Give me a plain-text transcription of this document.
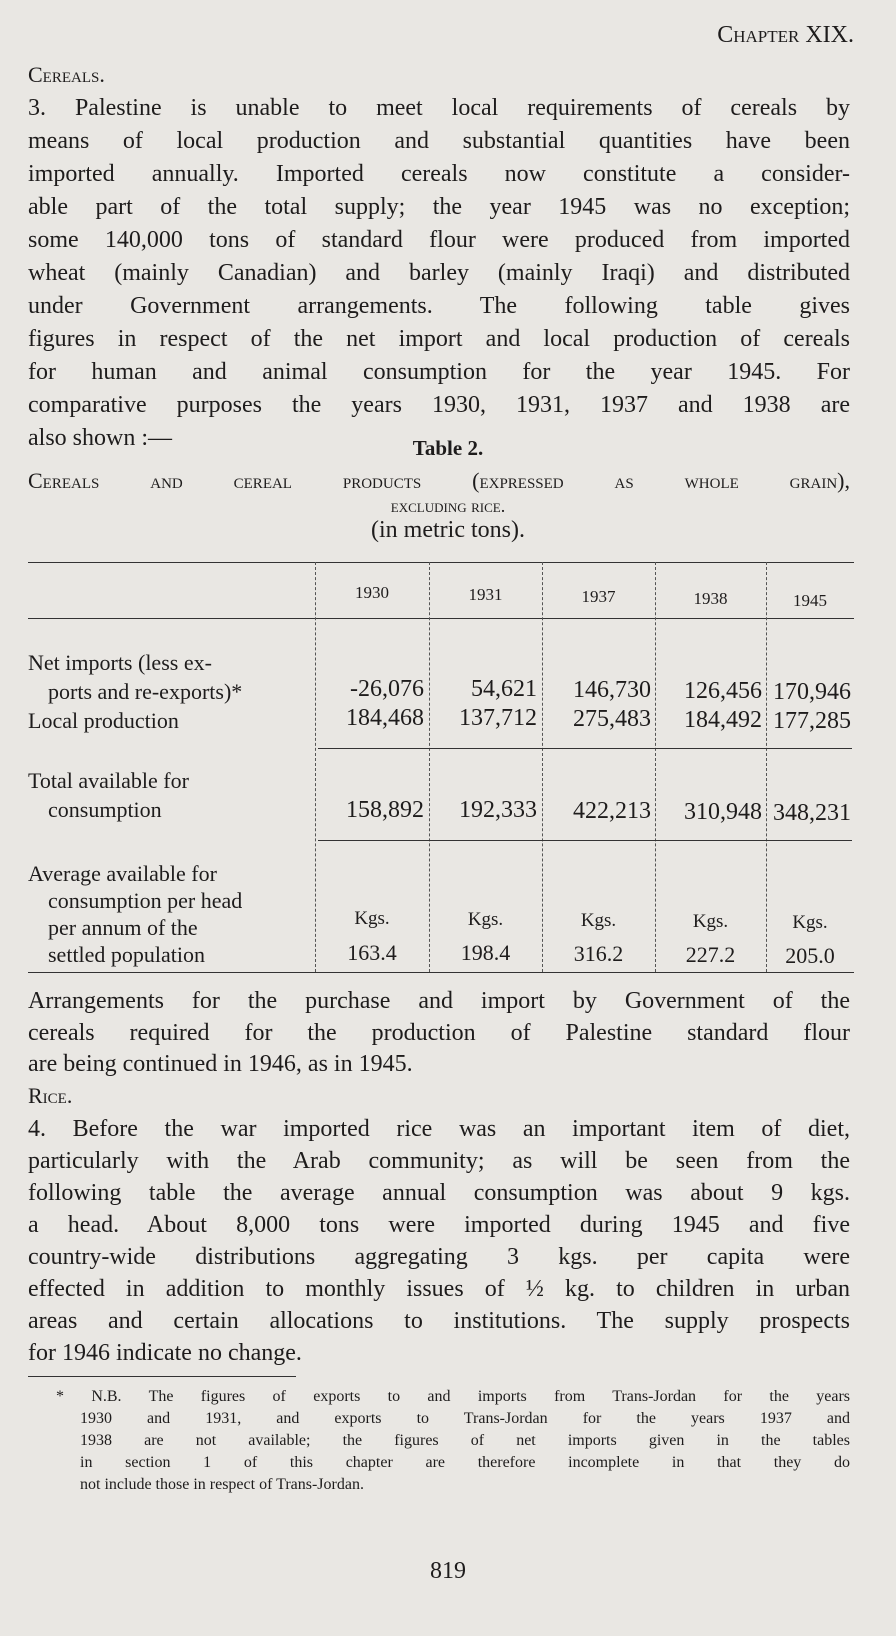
Chapter XIX.
Cereals.
3. Palestine is unable to meet local requirements of cereals by
means of local production and substantial quantities have been
imported annually. Imported cereals now constitute a consider-
able part of the total supply; the year 1945 was no exception;
some 140,000 tons of standard flour were produced from imported
wheat (mainly Canadian) and barley (mainly Iraqi) and distributed
under Government arrangements. The following table gives
figures in respect of the net import and local production of cereals
for human and animal consumption for the year 1945. For
comparative purposes the years 1930, 1931, 1937 and 1938 are
also shown :—	Table 2.
Cereals and cereal products (expressed as whole grain),
excluding rice.
(in metric tons).
1930	1931	1937	1938	1945
Net imports (less ex-
ports and re-exports)*	-26,076	54,621	146,730	126,456 170,946
Local production	184,468	137,712	275,483	184,492 177,285
Total available for
consumption	158,892	192,333	422,213	310,948 348,231
Average available for
consumption per head
per annum of the
settled population
Kgs.	Kgs.	Kgs.	Kgs.	Kgs.
163.4	198.4	316.2	227.2	205.0
Arrangements for the purchase and import by Government of the
cereals required for the production of Palestine standard flour
are being continued in 1946, as in 1945.
Rice.
4. Before the war imported rice was an important item of diet,
particularly with the Arab community; as will be seen from the
following table the average annual consumption was about 9 kgs.
a head. About 8,000 tons were imported during 1945 and five
country-wide distributions aggregating 3 kgs. per capita were
effected in addition to monthly issues of ½ kg. to children in urban
areas and certain allocations to institutions. The supply prospects
for 1946 indicate no change.
* N.B. The figures of exports to and imports from Trans-Jordan for the years
1930 and 1931, and exports to Trans-Jordan for the years 1937 and
1938 are not available; the figures of net imports given in the tables
in section 1 of this chapter are therefore incomplete in that they do
not include those in respect of Trans-Jordan.
819
